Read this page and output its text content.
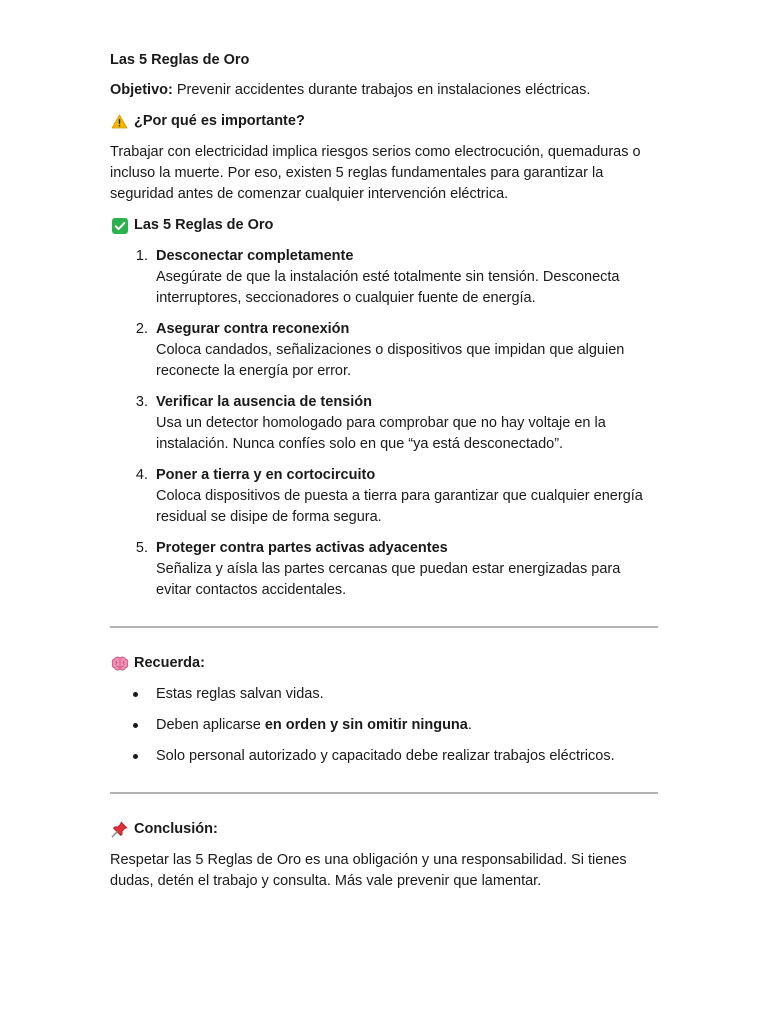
Las 5 Reglas de Oro

Objetivo: Prevenir accidentes durante trabajos en instalaciones eléctricas.

¿Por qué es importante?

Trabajar con electricidad implica riesgos serios como electrocución, quemaduras o incluso la muerte. Por eso, existen 5 reglas fundamentales para garantizar la seguridad antes de comenzar cualquier intervención eléctrica.

Las 5 Reglas de Oro
1. Desconectar completamente
Asegúrate de que la instalación esté totalmente sin tensión. Desconecta interruptores, seccionadores o cualquier fuente de energía.
2. Asegurar contra reconexión
Coloca candados, señalizaciones o dispositivos que impidan que alguien reconecte la energía por error.
3. Verificar la ausencia de tensión
Usa un detector homologado para comprobar que no hay voltaje en la instalación. Nunca confíes solo en que “ya está desconectado”.
4. Poner a tierra y en cortocircuito
Coloca dispositivos de puesta a tierra para garantizar que cualquier energía residual se disipe de forma segura.
5. Proteger contra partes activas adyacentes
Señaliza y aísla las partes cercanas que puedan estar energizadas para evitar contactos accidentales.
Recuerda:
Estas reglas salvan vidas.
Deben aplicarse en orden y sin omitir ninguna.
Solo personal autorizado y capacitado debe realizar trabajos eléctricos.
Conclusión:

Respetar las 5 Reglas de Oro es una obligación y una responsabilidad. Si tienes dudas, detén el trabajo y consulta. Más vale prevenir que lamentar.
